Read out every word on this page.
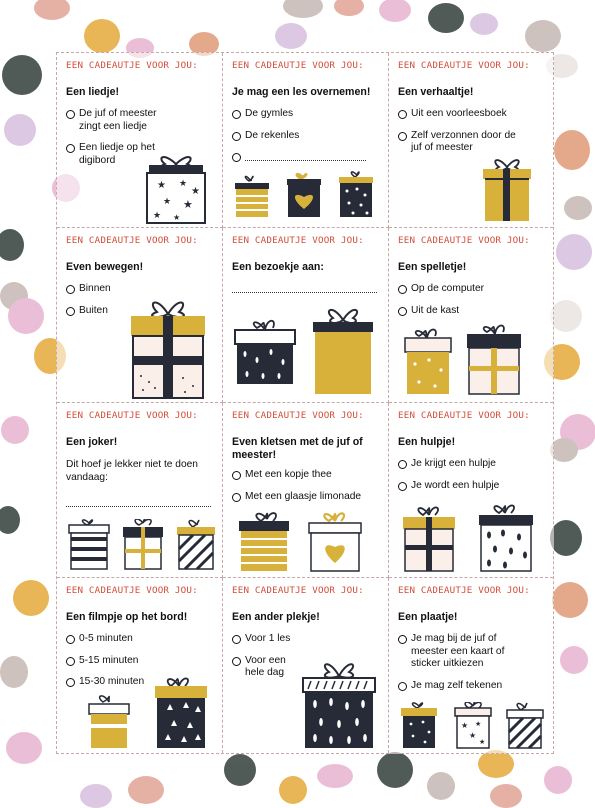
EEN CADEAUTJE VOOR JOU:
Een liedje!
De juf of meester zingt een liedje
Een liedje op het digibord
★ ★
★
★ ★
★ ★
EEN CADEAUTJE VOOR JOU:
Je mag een les overnemen!
De gymles
De rekenles
EEN CADEAUTJE VOOR JOU:
Een verhaaltje!
Uit een voorleesboek
Zelf verzonnen door de juf of meester
EEN CADEAUTJE VOOR JOU:
Even bewegen!
Binnen
Buiten
EEN CADEAUTJE VOOR JOU:
Een bezoekje aan:
EEN CADEAUTJE VOOR JOU:
Een spelletje!
Op de computer
Uit de kast
EEN CADEAUTJE VOOR JOU:
Een joker!
Dit hoef je lekker niet te doen vandaag:
EEN CADEAUTJE VOOR JOU:
Even kletsen met de juf of meester!
Met een kopje thee
Met een glaasje limonade
EEN CADEAUTJE VOOR JOU:
Een hulpje!
Je krijgt een hulpje
Je wordt een hulpje
EEN CADEAUTJE VOOR JOU:
Een filmpje op het bord!
0-5 minuten
5-15 minuten
15-30 minuten
EEN CADEAUTJE VOOR JOU:
Een ander plekje!
Voor 1 les
Voor een hele dag
EEN CADEAUTJE VOOR JOU:
Een plaatje!
Je mag bij de juf of meester een kaart of sticker uitkiezen
Je mag zelf tekenen
★ ★
★
★
